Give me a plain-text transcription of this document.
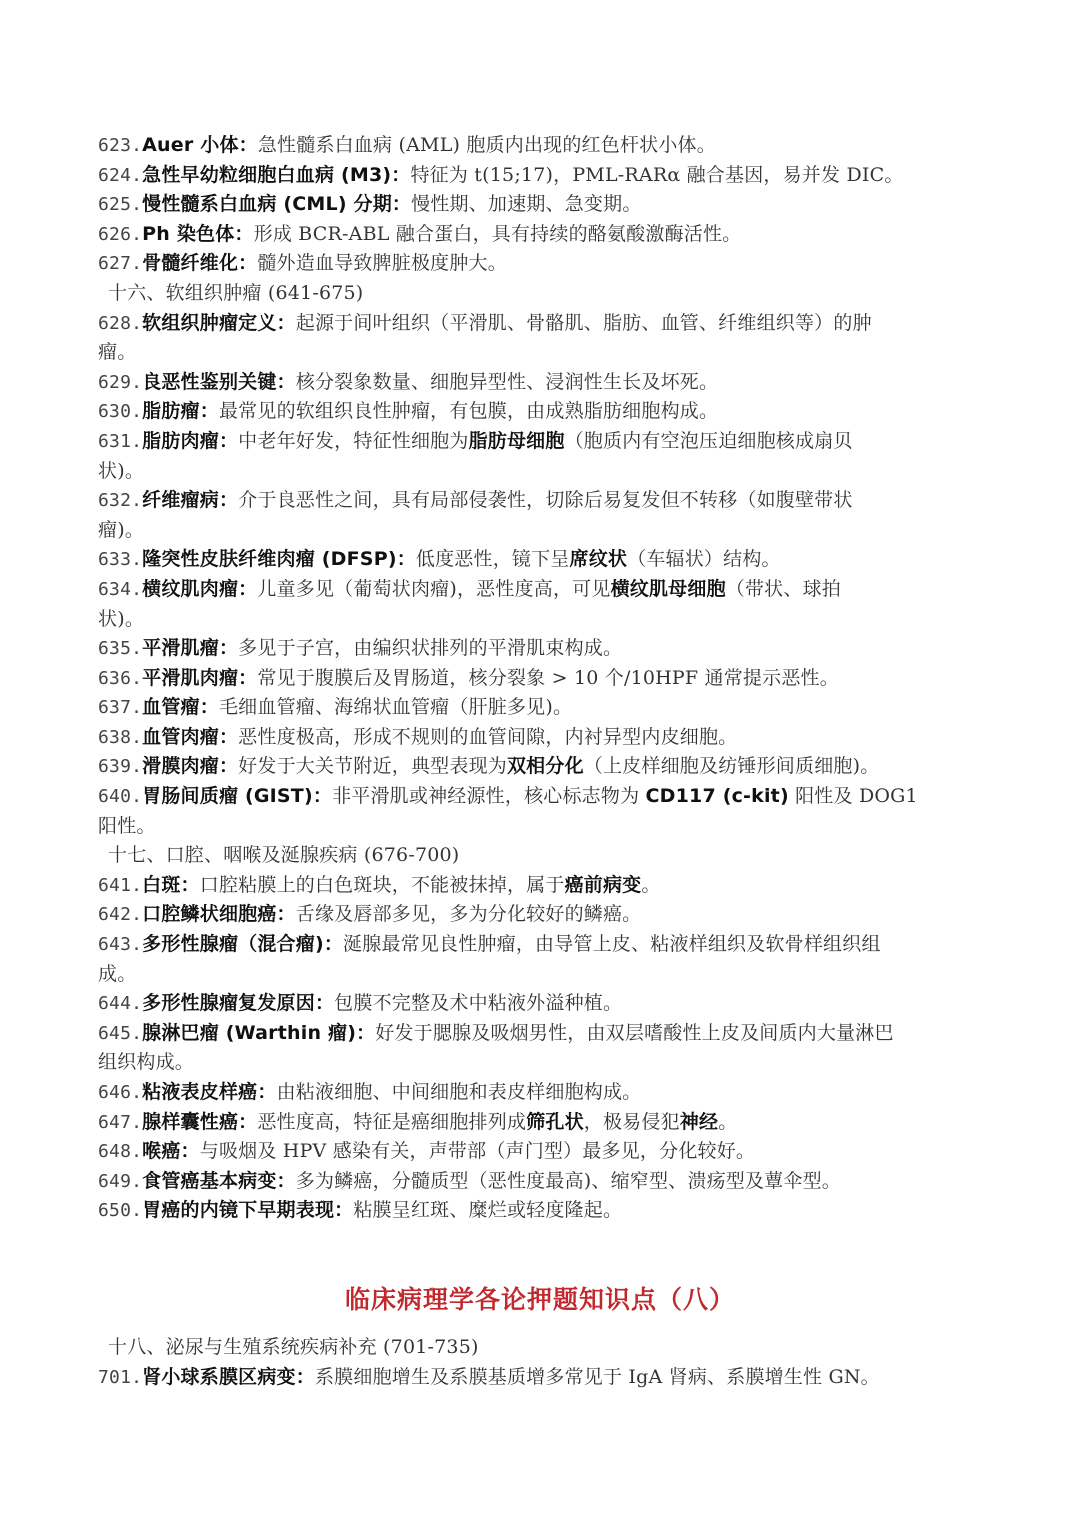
623.Auer 小体：急性髓系白血病 (AML) 胞质内出现的红色杆状小体。
624.急性早幼粒细胞白血病 (M3)：特征为 t(15;17)，PML-RARα 融合基因，易并发 DIC。
625.慢性髓系白血病 (CML) 分期：慢性期、加速期、急变期。
626.Ph 染色体：形成 BCR-ABL 融合蛋白，具有持续的酪氨酸激酶活性。
627.骨髓纤维化：髓外造血导致脾脏极度肿大。
十六、软组织肿瘤 (641-675)
628.软组织肿瘤定义：起源于间叶组织（平滑肌、骨骼肌、脂肪、血管、纤维组织等）的肿
瘤。
629.良恶性鉴别关键：核分裂象数量、细胞异型性、浸润性生长及坏死。
630.脂肪瘤：最常见的软组织良性肿瘤，有包膜，由成熟脂肪细胞构成。
631.脂肪肉瘤：中老年好发，特征性细胞为脂肪母细胞（胞质内有空泡压迫细胞核成扇贝
状)。
632.纤维瘤病：介于良恶性之间，具有局部侵袭性，切除后易复发但不转移（如腹壁带状
瘤)。
633.隆突性皮肤纤维肉瘤 (DFSP)：低度恶性，镜下呈席纹状（车辐状）结构。
634.横纹肌肉瘤：儿童多见（葡萄状肉瘤)，恶性度高，可见横纹肌母细胞（带状、球拍
状)。
635.平滑肌瘤：多见于子宫，由编织状排列的平滑肌束构成。
636.平滑肌肉瘤：常见于腹膜后及胃肠道，核分裂象 > 10 个/10HPF 通常提示恶性。
637.血管瘤：毛细血管瘤、海绵状血管瘤（肝脏多见)。
638.血管肉瘤：恶性度极高，形成不规则的血管间隙，内衬异型内皮细胞。
639.滑膜肉瘤：好发于大关节附近，典型表现为双相分化（上皮样细胞及纺锤形间质细胞)。
640.胃肠间质瘤 (GIST)：非平滑肌或神经源性，核心标志物为 CD117 (c-kit) 阳性及 DOG1
阳性。
十七、口腔、咽喉及涎腺疾病 (676-700)
641.白斑：口腔粘膜上的白色斑块，不能被抹掉，属于癌前病变。
642.口腔鳞状细胞癌：舌缘及唇部多见，多为分化较好的鳞癌。
643.多形性腺瘤（混合瘤)：涎腺最常见良性肿瘤，由导管上皮、粘液样组织及软骨样组织组
成。
644.多形性腺瘤复发原因：包膜不完整及术中粘液外溢种植。
645.腺淋巴瘤 (Warthin 瘤)：好发于腮腺及吸烟男性，由双层嗜酸性上皮及间质内大量淋巴
组织构成。
646.粘液表皮样癌：由粘液细胞、中间细胞和表皮样细胞构成。
647.腺样囊性癌：恶性度高，特征是癌细胞排列成筛孔状，极易侵犯神经。
648.喉癌：与吸烟及 HPV 感染有关，声带部（声门型）最多见，分化较好。
649.食管癌基本病变：多为鳞癌，分髓质型（恶性度最高)、缩窄型、溃疡型及蕈伞型。
650.胃癌的内镜下早期表现：粘膜呈红斑、糜烂或轻度隆起。
临床病理学各论押题知识点（八）
十八、泌尿与生殖系统疾病补充 (701-735)
701.肾小球系膜区病变：系膜细胞增生及系膜基质增多常见于 IgA 肾病、系膜增生性 GN。
